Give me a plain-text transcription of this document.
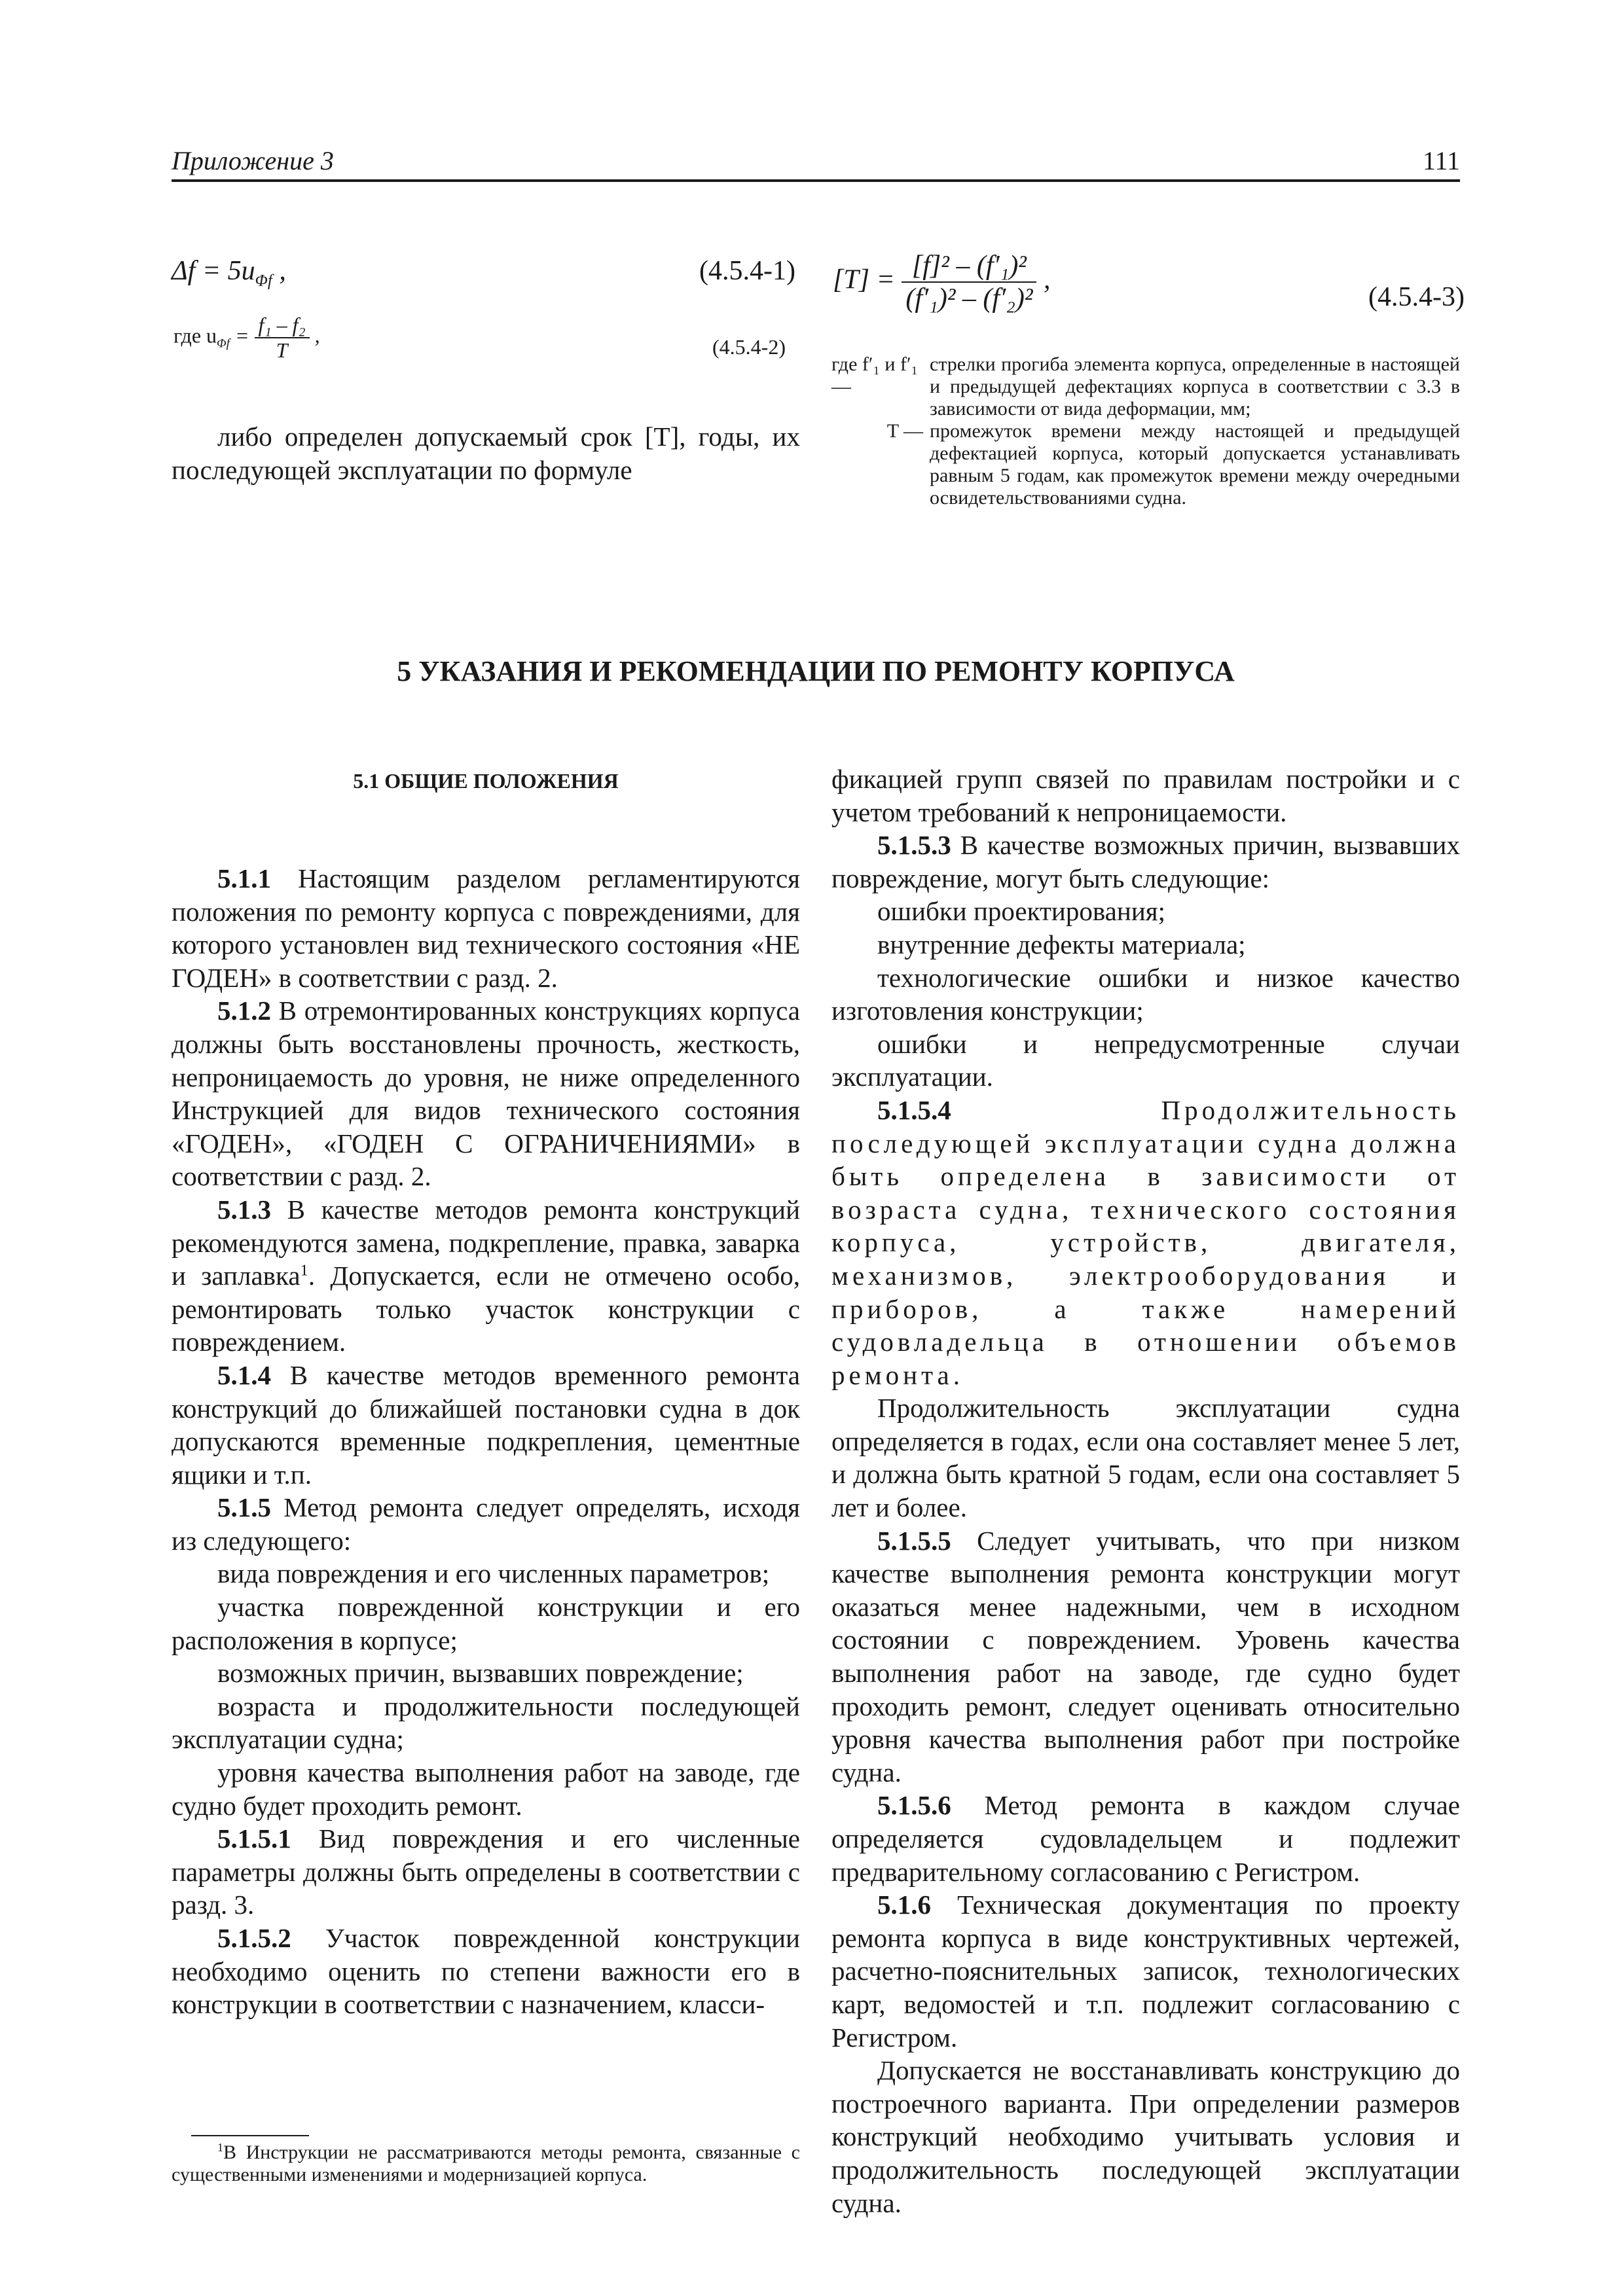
Приложение 3	111
$\Delta f = 5u_{\Phi f}$ ,	(4.5.4-1)
где $u_{\Phi f} = \frac{\text{f₁ – f₂}}{T}$ ,	(4.5.4-2)

либо определен допускаемый срок [T], годы, их последующей эксплуатации по формуле

$[T] = \frac{\text{[f]² – (f′₁)²}}{\text{(f′₁)² – (f′₂)²}}$ ,
(4.5.4-3)
где f′₁ и f′₁ —
стрелки прогиба элемента корпуса, определенные в настоящей и предыдущей дефектациях корпуса в соответствии с 3.3 в зависимости от вида деформации, мм;
T — промежуток времени между настоящей и предыдущей дефектацией корпуса, который допускается устанавливать равным 5 годам, как промежуток времени между очередными освидетельствованиями судна.
5 УКАЗАНИЯ И РЕКОМЕНДАЦИИ ПО РЕМОНТУ КОРПУСА
5.1 ОБЩИЕ ПОЛОЖЕНИЯ

5.1.1 Настоящим разделом регламентируются положения по ремонту корпуса с повреждениями, для которого установлен вид технического состояния «НЕ ГОДЕН» в соответствии с разд. 2.

5.1.2 В отремонтированных конструкциях корпуса должны быть восстановлены прочность, жесткость, непроницаемость до уровня, не ниже определенного Инструкцией для видов технического состояния «ГОДЕН», «ГОДЕН С ОГРАНИЧЕНИЯМИ» в соответствии с разд. 2.

5.1.3 В качестве методов ремонта конструкций рекомендуются замена, подкрепление, правка, заварка и заплавка$^1$. Допускается, если не отмечено особо, ремонтировать только участок конструкции с повреждением.

5.1.4 В качестве методов временного ремонта конструкций до ближайшей постановки судна в док допускаются временные подкрепления, цементные ящики и т.п.

5.1.5 Метод ремонта следует определять, исходя из следующего:

вида повреждения и его численных параметров;

участка поврежденной конструкции и его расположения в корпусе;

возможных причин, вызвавших повреждение;

возраста и продолжительности последующей эксплуатации судна;

уровня качества выполнения работ на заводе, где судно будет проходить ремонт.

5.1.5.1 Вид повреждения и его численные параметры должны быть определены в соответствии с разд. 3.

5.1.5.2 Участок поврежденной конструкции необходимо оценить по степени важности его в конструкции в соответствии с назначением, класси-

$^1$В Инструкции не рассматриваются методы ремонта, связанные с существенными изменениями и модернизацией корпуса.

фикацией групп связей по правилам постройки и с учетом требований к непроницаемости.

5.1.5.3 В качестве возможных причин, вызвавших повреждение, могут быть следующие:

ошибки проектирования;

внутренние дефекты материала;

технологические ошибки и низкое качество изготовления конструкции;

ошибки и непредусмотренные случаи эксплуатации.

5.1.5.4	Продолжительность последующей эксплуатации судна должна быть определена в зависимости от возраста судна, технического состояния корпуса, устройств, двигателя, механизмов, электрооборудования и приборов, а также намерений судовладельца в отношении объемов ремонта.

Продолжительность эксплуатации судна определяется в годах, если она составляет менее 5 лет, и должна быть кратной 5 годам, если она составляет 5 лет и более.

5.1.5.5 Следует учитывать, что при низком качестве выполнения ремонта конструкции могут оказаться менее надежными, чем в исходном состоянии с повреждением. Уровень качества выполнения работ на заводе, где судно будет проходить ремонт, следует оценивать относительно уровня качества выполнения работ при постройке судна.

5.1.5.6 Метод ремонта в каждом случае определяется судовладельцем и подлежит предварительному согласованию с Регистром.

5.1.6 Техническая документация по проекту ремонта корпуса в виде конструктивных чертежей, расчетно-пояснительных записок, технологических карт, ведомостей и т.п. подлежит согласованию с Регистром.

Допускается не восстанавливать конструкцию до построечного варианта. При определении размеров конструкций необходимо учитывать условия и продолжительность последующей эксплуатации судна.
